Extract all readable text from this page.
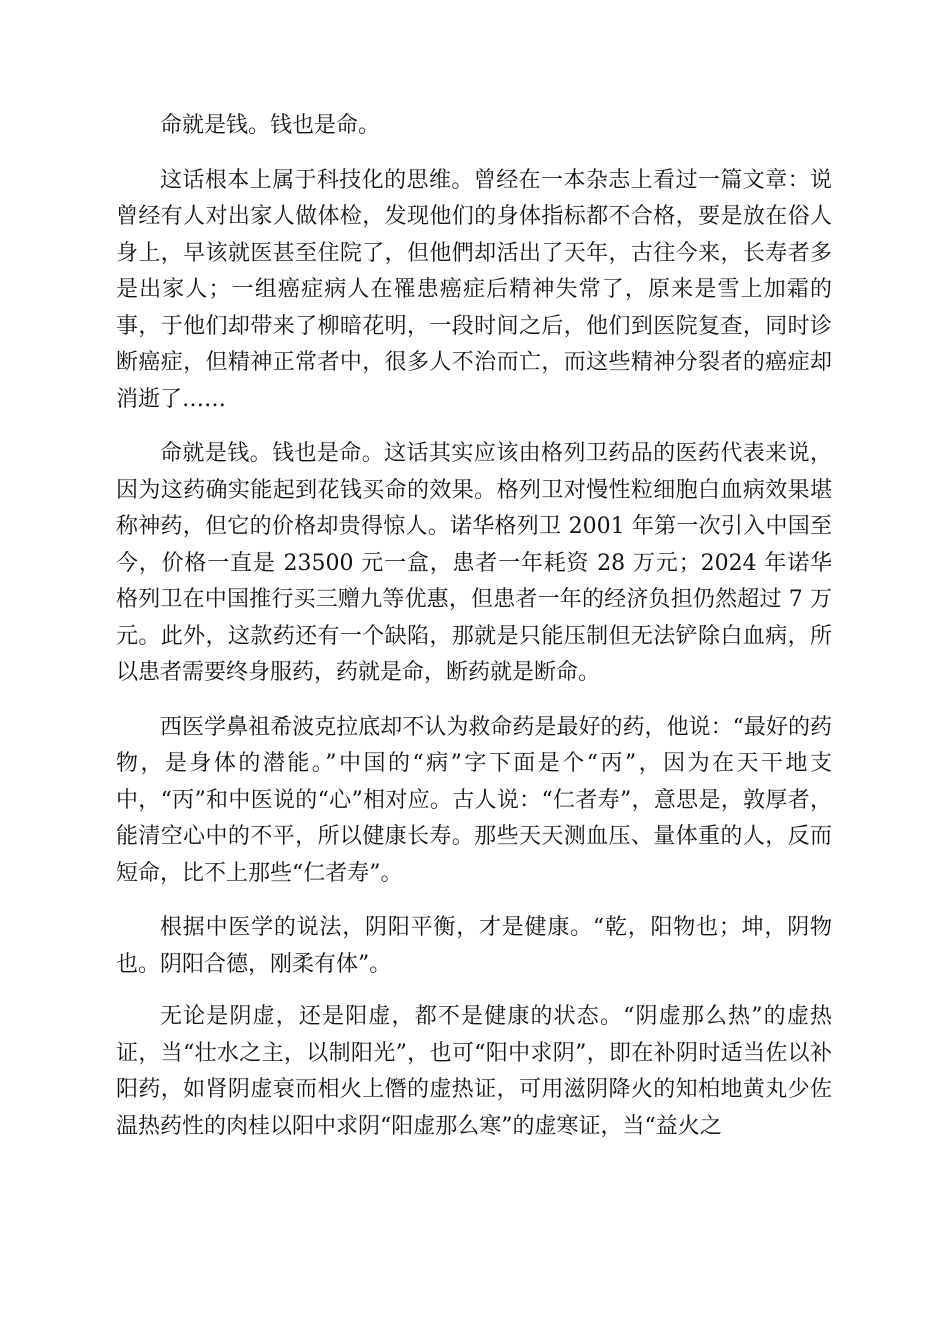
命就是钱。钱也是命。

这话根本上属于科技化的思维。曾经在一本杂志上看过一篇文章：说曾经有人对出家人做体检，发现他们的身体指标都不合格，要是放在俗人身上，早该就医甚至住院了，但他們却活出了天年，古往今来，长寿者多是出家人；一组癌症病人在罹患癌症后精神失常了，原来是雪上加霜的事，于他们却带来了柳暗花明，一段时间之后，他们到医院复查，同时诊断癌症，但精神正常者中，很多人不治而亡，而这些精神分裂者的癌症却消逝了……

命就是钱。钱也是命。这话其实应该由格列卫药品的医药代表来说，因为这药确实能起到花钱买命的效果。格列卫对慢性粒细胞白血病效果堪称神药，但它的价格却贵得惊人。诺华格列卫 2001 年第一次引入中国至今，价格一直是 23500 元一盒，患者一年耗资 28 万元；2024 年诺华格列卫在中国推行买三赠九等优惠，但患者一年的经济负担仍然超过 7 万元。此外，这款药还有一个缺陷，那就是只能压制但无法铲除白血病，所以患者需要终身服药，药就是命，断药就是断命。

西医学鼻祖希波克拉底却不认为救命药是最好的药，他说：“最好的药物，是身体的潜能。”中国的“病”字下面是个“丙”，因为在天干地支中，“丙”和中医说的“心”相对应。古人说：“仁者寿”，意思是，敦厚者，能清空心中的不平，所以健康长寿。那些天天测血压、量体重的人，反而短命，比不上那些“仁者寿”。

根据中医学的说法，阴阳平衡，才是健康。“乾，阳物也；坤，阴物也。阴阳合德，刚柔有体”。

无论是阴虚，还是阳虚，都不是健康的状态。“阴虚那么热”的虚热证，当“壮水之主，以制阳光”，也可“阳中求阴”，即在补阴时适当佐以补阳药，如肾阴虚衰而相火上僭的虚热证，可用滋阴降火的知柏地黄丸少佐温热药性的肉桂以阳中求阴“阳虚那么寒”的虚寒证，当“益火之
